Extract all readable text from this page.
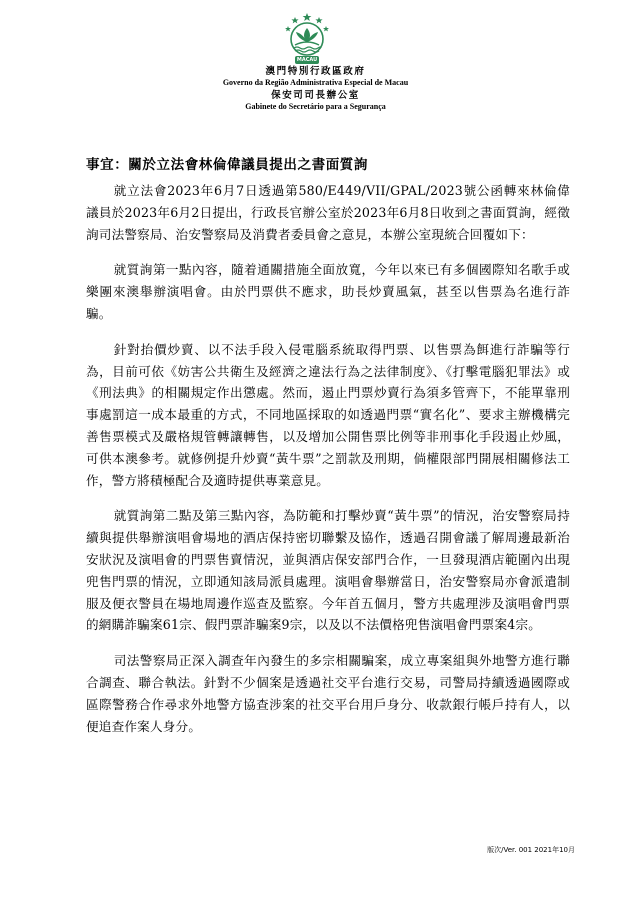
MACAU
澳門特別行政區政府
Governo da Região Administrativa Especial de Macau
保安司司長辦公室
Gabinete do Secretário para a Segurança
事宜：關於立法會林倫偉議員提出之書面質詢

就立法會2023年6月7日透過第580/E449/VII/GPAL/2023號公函轉來林倫偉議員於2023年6月2日提出，行政長官辦公室於2023年6月8日收到之書面質詢，經徵詢司法警察局、治安警察局及消費者委員會之意見，本辦公室現統合回覆如下：

就質詢第一點內容，隨着通關措施全面放寬，今年以來已有多個國際知名歌手或樂團來澳舉辦演唱會。由於門票供不應求，助長炒賣風氣，甚至以售票為名進行詐騙。

針對抬價炒賣、以不法手段入侵電腦系統取得門票、以售票為餌進行詐騙等行為，目前可依《妨害公共衛生及經濟之違法行為之法律制度》、《打擊電腦犯罪法》或《刑法典》的相關規定作出懲處。然而，遏止門票炒賣行為須多管齊下，不能單靠刑事處罰這一成本最重的方式，不同地區採取的如透過門票“實名化”、要求主辦機構完善售票模式及嚴格規管轉讓轉售，以及增加公開售票比例等非刑事化手段遏止炒風，可供本澳參考。就修例提升炒賣“黃牛票”之罰款及刑期，倘權限部門開展相關修法工作，警方將積極配合及適時提供專業意見。

就質詢第二點及第三點內容，為防範和打擊炒賣“黃牛票”的情況，治安警察局持續與提供舉辦演唱會場地的酒店保持密切聯繫及協作，透過召開會議了解周邊最新治安狀況及演唱會的門票售賣情況，並與酒店保安部門合作，一旦發現酒店範圍內出現兜售門票的情況，立即通知該局派員處理。演唱會舉辦當日，治安警察局亦會派遣制服及便衣警員在場地周邊作巡查及監察。今年首五個月，警方共處理涉及演唱會門票的網購詐騙案61宗、假門票詐騙案9宗，以及以不法價格兜售演唱會門票案4宗。

司法警察局正深入調查年內發生的多宗相關騙案，成立專案組與外地警方進行聯合調查、聯合執法。針對不少個案是透過社交平台進行交易，司警局持續透過國際或區際警務合作尋求外地警方協查涉案的社交平台用戶身分、收款銀行帳戶持有人，以便追查作案人身分。

版次/Ver. 001 2021年10月
